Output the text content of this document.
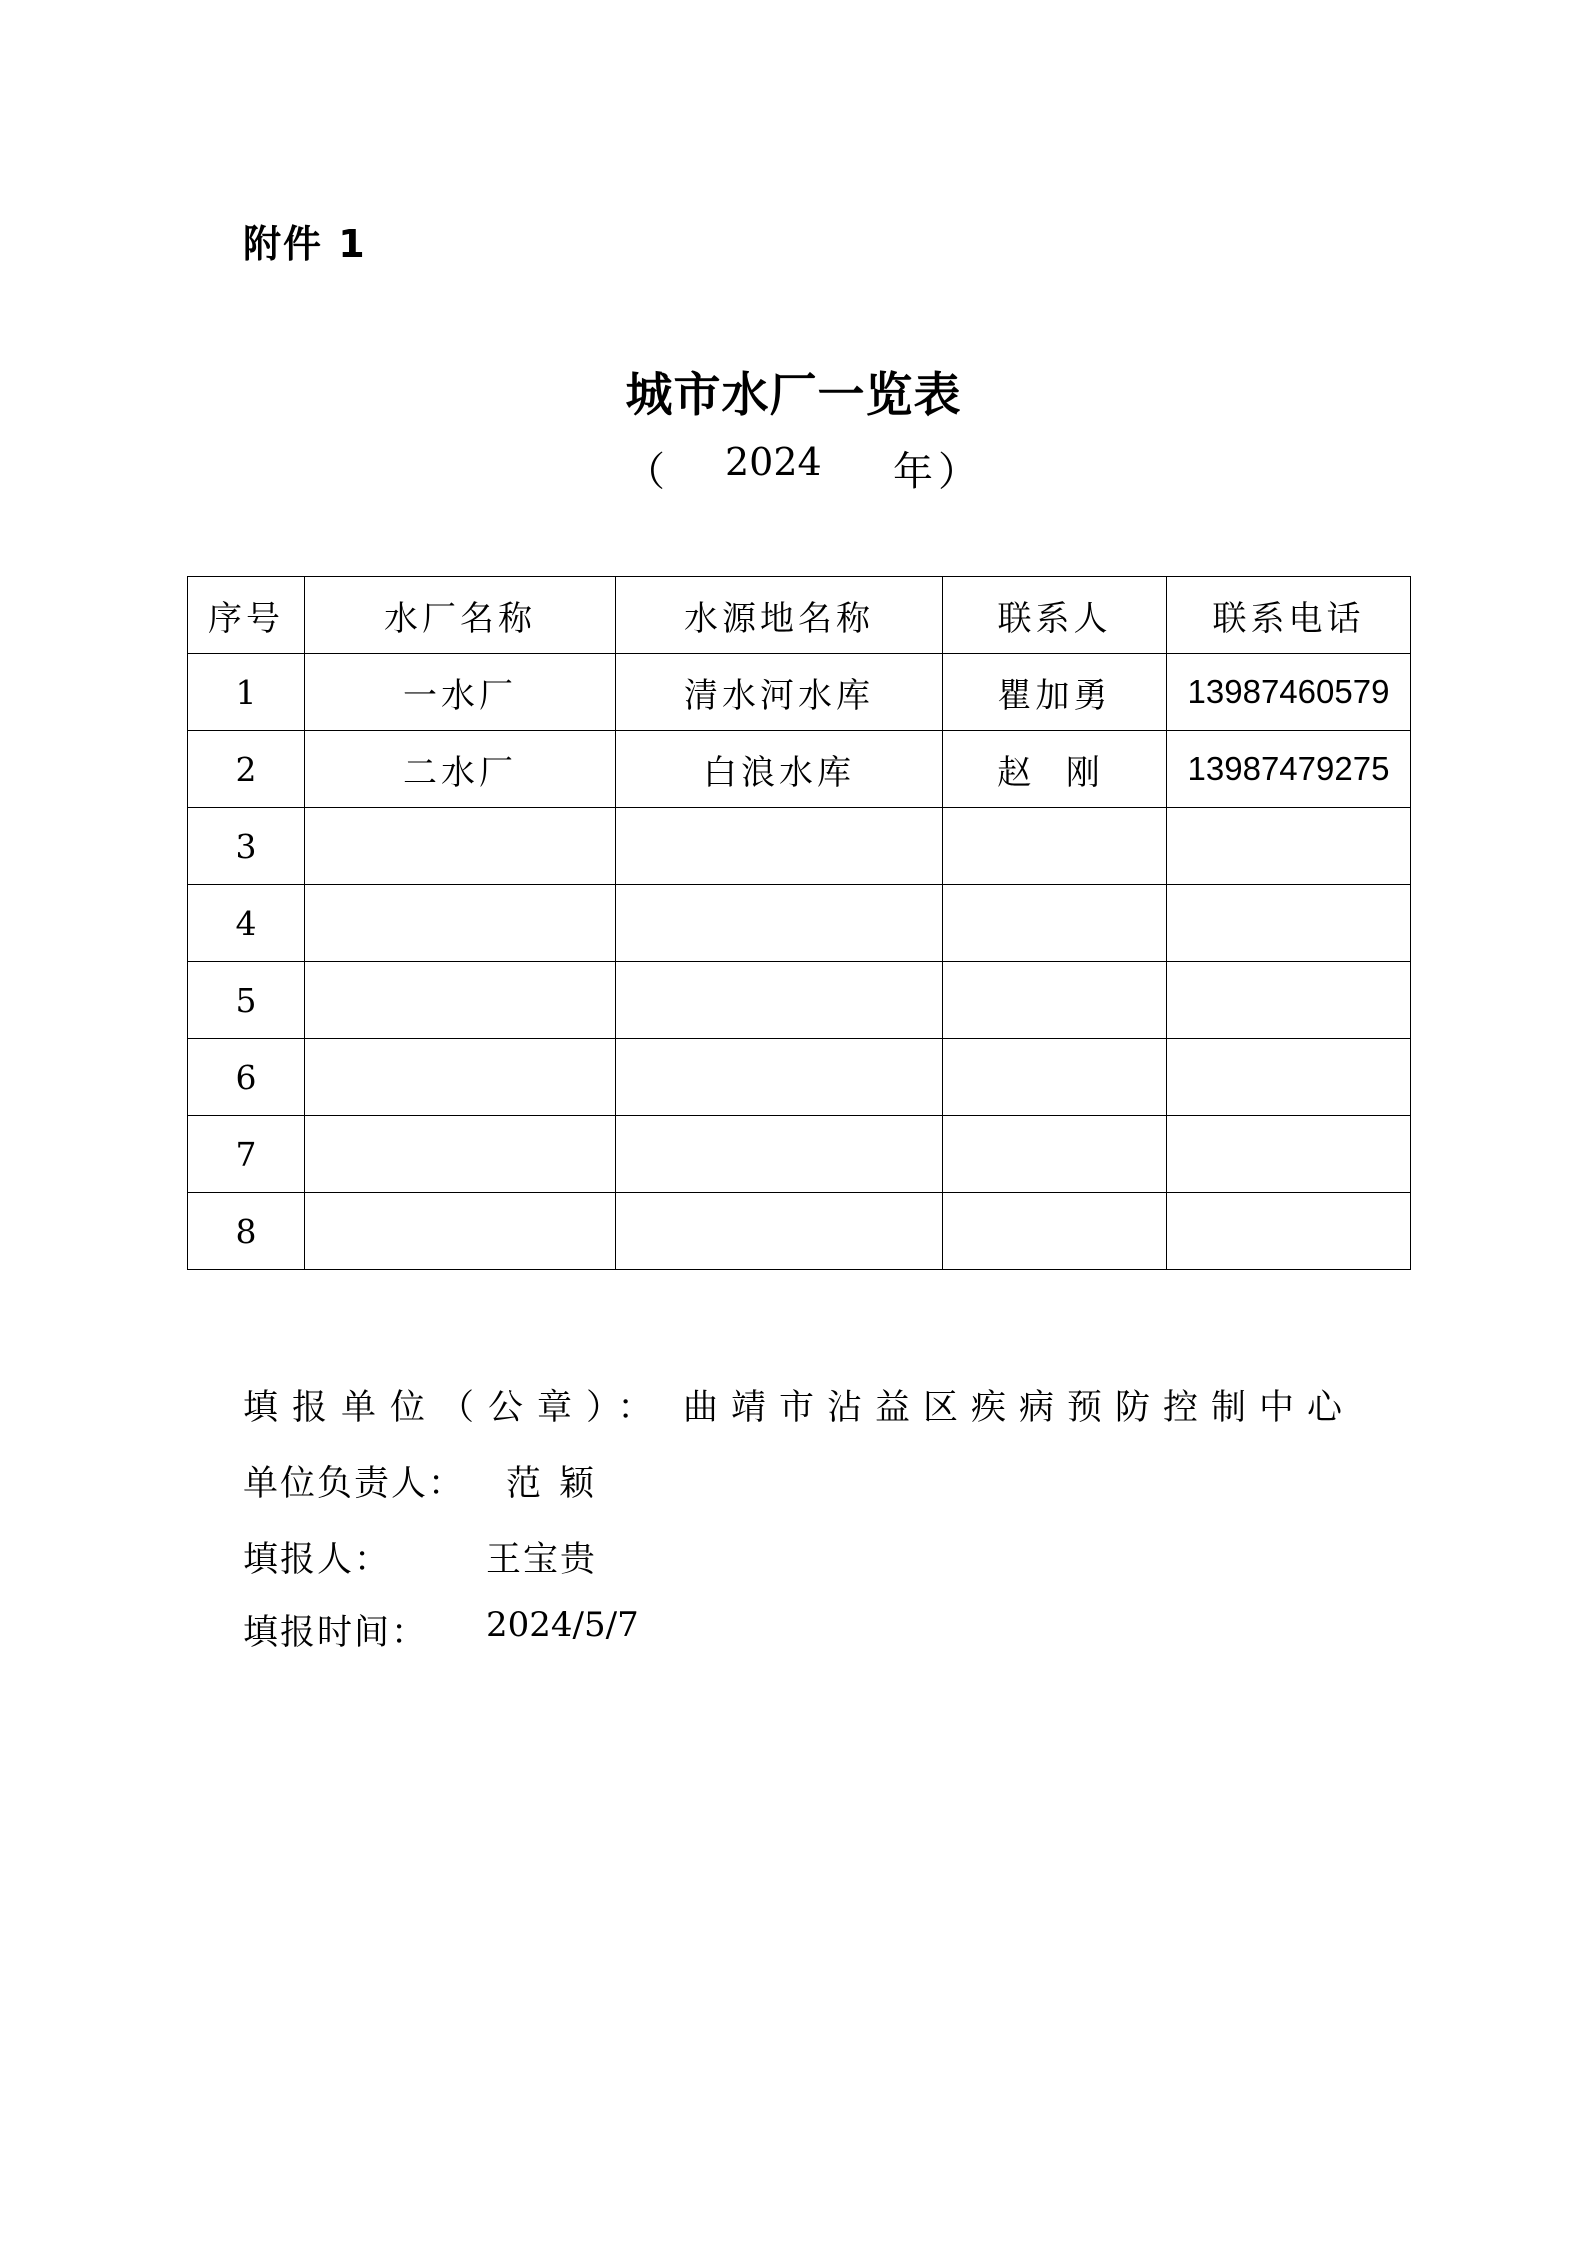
附件 1
城市水厂一览表
（ 2024 年 ）
序号	水厂名称	水源地名称	联系人	联系电话
1	一水厂	清水河水库	瞿加勇	13987460579
2	二水厂	白浪水库	赵 刚	13987479275
3				
4				
5				
6				
7				
8				
填报单位（公章）： 曲靖市沾益区疾病预防控制中心
单位负责人： 范颖
填报人：	王宝贵
填报时间： 2024/5/7
